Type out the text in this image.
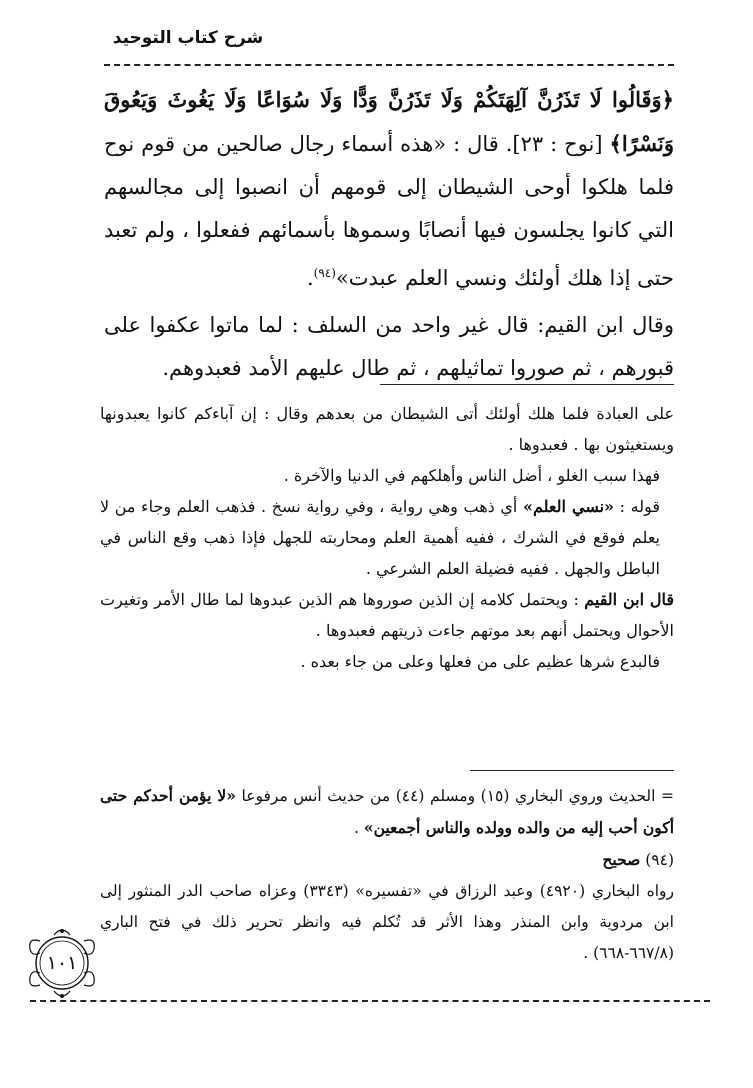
شرح كتاب التوحيد

﴿وَقَالُوا لَا تَذَرُنَّ آلِهَتَكُمْ وَلَا تَذَرُنَّ وَدًّا وَلَا سُوَاعًا وَلَا يَغُوثَ وَيَعُوقَ وَنَسْرًا﴾ [نوح : ٢٣]. قال : «هذه أسماء رجال صالحين من قوم نوح فلما هلكوا أوحى الشيطان إلى قومهم أن انصبوا إلى مجالسهم التي كانوا يجلسون فيها أنصابًا وسموها بأسمائهم ففعلوا ، ولم تعبد حتى إذا هلك أولئك ونسي العلم عبدت»$^{(٩٤)}$.

وقال ابن القيم: قال غير واحد من السلف : لما ماتوا عكفوا على قبورهم ، ثم صوروا تماثيلهم ، ثم طال عليهم الأمد فعبدوهم.

على العبادة فلما هلك أولئك أتى الشيطان من بعدهم وقال : إن آباءكم كانوا يعبدونها ويستغيثون بها . فعبدوها .

فهذا سبب الغلو ، أضل الناس وأهلكهم في الدنيا والآخرة .

قوله : «نسي العلم» أي ذهب وهي رواية ، وفي رواية نسخ . فذهب العلم وجاء من لا يعلم فوقع في الشرك ، ففيه أهمية العلم ومحاربته للجهل فإذا ذهب وقع الناس في الباطل والجهل . ففيه فضيلة العلم الشرعي .

قال ابن القيم : ويحتمل كلامه إن الذين صوروها هم الذين عبدوها لما طال الأمر وتغيرت الأحوال ويحتمل أنهم بعد موتهم جاءت ذريتهم فعبدوها .

فالبدع شرها عظيم على من فعلها وعلى من جاء بعده .

= الحديث وروي البخاري (١٥) ومسلم (٤٤) من حديث أنس مرفوعا «لا يؤمن أحدكم حتى أكون أحب إليه من والده وولده والناس أجمعين» .

(٩٤) صحيح

رواه البخاري (٤٩٢٠) وعبد الرزاق في «تفسيره» (٣٣٤٣) وعزاه صاحب الدر المنثور إلى ابن مردوية وابن المنذر وهذا الأثر قد تُكلم فيه وانظر تحرير ذلك في فتح الباري (٦٦٧/٨-٦٦٨) .

١٠١
